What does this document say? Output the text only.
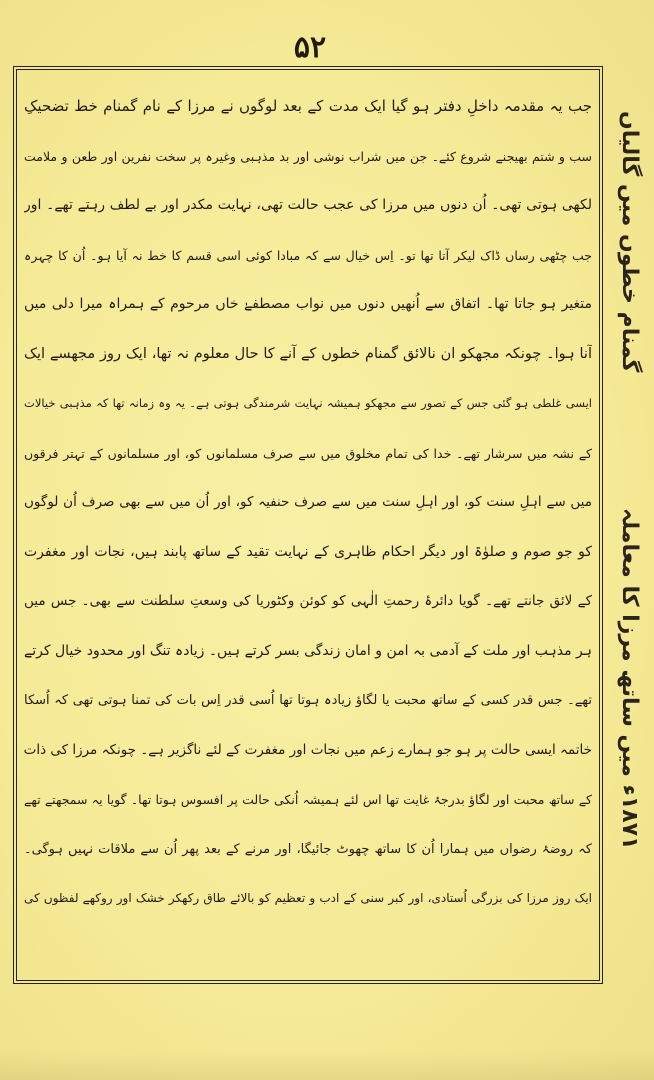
۵۲
جب یہ مقدمہ داخلِ دفتر ہو گیا ایک مدت کے بعد لوگوں نے مرزا کے نام گمنام خط تضحیکِ
سب و شتم بھیجنے شروع کئے۔ جن میں شراب نوشی اور بد مذہبی وغیرہ پر سخت نفرین اور طعن و ملامت
لکھی ہوتی تھی۔ اُن دنوں میں مرزا کی عجب حالت تھی، نہایت مکدر اور بے لطف رہتے تھے۔ اور
جب چٹھی رساں ڈاک لیکر آتا تھا تو۔ اِس خیال سے کہ مبادا کوئی اسی قسم کا خط نہ آیا ہو۔ اُن کا چہرہ
متغیر ہو جاتا تھا۔ اتفاق سے اُنھیں دنوں میں نواب مصطفےٰ خاں مرحوم کے ہمراہ میرا دلی میں
آنا ہوا۔ چونکہ مجھکو ان نالائق گمنام خطوں کے آنے کا حال معلوم نہ تھا، ایک روز مجھسے ایک
ایسی غلطی ہو گئی جس کے تصور سے مجھکو ہمیشہ نہایت شرمندگی ہوتی ہے۔ یہ وہ زمانہ تھا کہ مذہبی خیالات
کے نشہ میں سرشار تھے۔ خدا کی تمام مخلوق میں سے صرف مسلمانوں کو، اور مسلمانوں کے تہتر فرقوں
میں سے اہلِ سنت کو، اور اہلِ سنت میں سے صرف حنفیہ کو، اور اُن میں سے بھی صرف اُن لوگوں
کو جو صوم و صلوٰۃ اور دیگر احکام ظاہری کے نہایت تقید کے ساتھ پابند ہیں، نجات اور مغفرت
کے لائق جانتے تھے۔ گویا دائرۂ رحمتِ الٰہی کو کوئن وکٹوریا کی وسعتِ سلطنت سے بھی۔ جس میں
ہر مذہب اور ملت کے آدمی بہ امن و امان زندگی بسر کرتے ہیں۔ زیادہ تنگ اور محدود خیال کرتے
تھے۔ جس قدر کسی کے ساتھ محبت یا لگاؤ زیادہ ہوتا تھا اُسی قدر اِس بات کی تمنا ہوتی تھی کہ اُسکا
خاتمہ ایسی حالت پر ہو جو ہمارے زعم میں نجات اور مغفرت کے لئے ناگزیر ہے۔ چونکہ مرزا کی ذات
کے ساتھ محبت اور لگاؤ بدرجۂ غایت تھا اس لئے ہمیشہ اُنکی حالت پر افسوس ہوتا تھا۔ گویا یہ سمجھتے تھے
کہ روضۂ رضواں میں ہمارا اُن کا ساتھ چھوٹ جائیگا، اور مرنے کے بعد پھر اُن سے ملاقات نہیں ہوگی۔
ایک روز مرزا کی بزرگی اُستادی، اور کبر سنی کے ادب و تعظیم کو بالائے طاق رکھکر خشک اور روکھے لفظوں کی
گمنام خطوں میں گالیاں
۱۸۷۱ء میں ساتھ مرزا کا معاملہ
